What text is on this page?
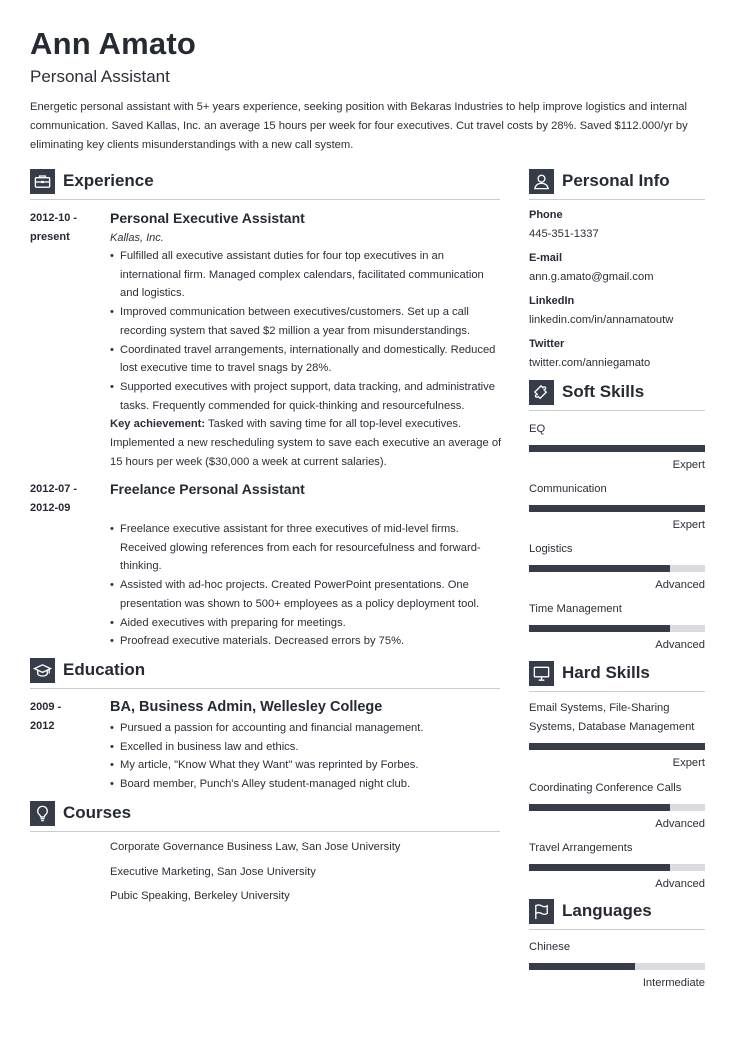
Ann Amato
Personal Assistant
Energetic personal assistant with 5+ years experience, seeking position with Bekaras Industries to help improve logistics and internal communication. Saved Kallas, Inc. an average 15 hours per week for four executives. Cut travel costs by 28%. Saved $112.000/yr by eliminating key clients misunderstandings with a new call system.
Experience
2012-10 -
present
Personal Executive Assistant
Kallas, Inc.
• Fulfilled all executive assistant duties for four top executives in an international firm. Managed complex calendars, facilitated communication and logistics.
• Improved communication between executives/customers. Set up a call recording system that saved $2 million a year from misunderstandings.
• Coordinated travel arrangements, internationally and domestically. Reduced lost executive time to travel snags by 28%.
• Supported executives with project support, data tracking, and administrative tasks. Frequently commended for quick-thinking and resourcefulness.
Key achievement: Tasked with saving time for all top-level executives. Implemented a new rescheduling system to save each executive an average of 15 hours per week ($30,000 a week at current salaries).
2012-07 -
2012-09
Freelance Personal Assistant
• Freelance executive assistant for three executives of mid-level firms. Received glowing references from each for resourcefulness and forward-thinking.
• Assisted with ad-hoc projects. Created PowerPoint presentations. One presentation was shown to 500+ employees as a policy deployment tool.
• Aided executives with preparing for meetings.
• Proofread executive materials. Decreased errors by 75%.
Education
2009 -
2012
BA, Business Admin, Wellesley College
• Pursued a passion for accounting and financial management.
• Excelled in business law and ethics.
• My article, "Know What they Want" was reprinted by Forbes.
• Board member, Punch's Alley student-managed night club.
Courses
Corporate Governance Business Law, San Jose University
Executive Marketing, San Jose University
Pubic Speaking, Berkeley University
Personal Info
Phone
445-351-1337
E-mail
ann.g.amato@gmail.com
LinkedIn
linkedin.com/in/annamatoutw
Twitter
twitter.com/anniegamato
Soft Skills
EQ
Expert
Communication
Expert
Logistics
Advanced
Time Management
Advanced
Hard Skills
Email Systems, File-Sharing Systems, Database Management
Expert
Coordinating Conference Calls
Advanced
Travel Arrangements
Advanced
Languages
Chinese
Intermediate
